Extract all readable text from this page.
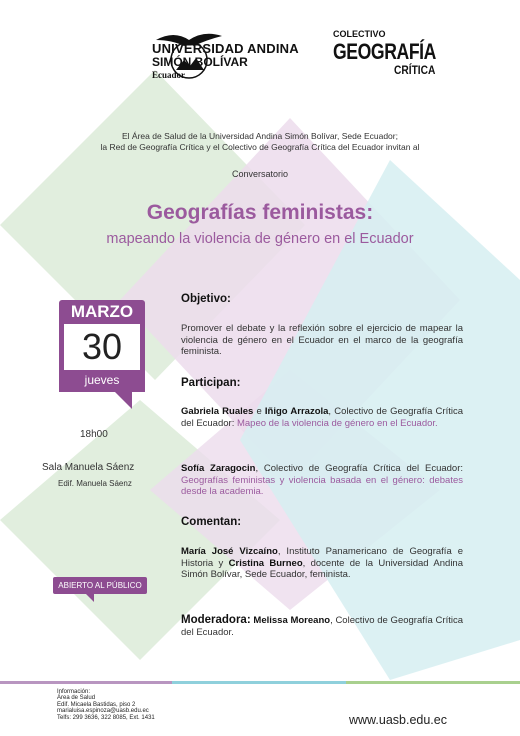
UNIVERSIDAD ANDINA
SIMÓN BOLÍVAR
Ecuador
COLECTIVO
GEOGRAFÍA
CRÍTICA
El Área de Salud de la Universidad Andina Simón Bolívar, Sede Ecuador;
la Red de Geografía Crítica y el Colectivo de Geografía Crítica del Ecuador invitan al
Conversatorio
Geografías feministas:
mapeando la violencia de género en el Ecuador
MARZO
30
jueves
18h00
Sala Manuela Sáenz
Edif. Manuela Sáenz
ABIERTO AL PÚBLICO
Objetivo:
Promover el debate y la reflexión sobre el ejercicio de mapear la violencia de género en el Ecuador en el marco de la geografía feminista.
Participan:
Gabriela Ruales e Iñigo Arrazola, Colectivo de Geografía Crítica del Ecuador: Mapeo de la violencia de género en el Ecuador.
Sofía Zaragocin, Colectivo de Geografía Crítica del Ecuador: Geografías feministas y violencia basada en el género: debates desde la academia.
Comentan:
María José Vizcaíno, Instituto Panamericano de Geografía e Historia y Cristina Burneo, docente de la Universidad Andina Simón Bolívar, Sede Ecuador, feminista.
Moderadora: Melissa Moreano, Colectivo de Geografía Crítica del Ecuador.
Información:
Área de Salud
Edif. Micaela Bastidas, piso 2
marialuisa.espinoza@uasb.edu.ec
Telfs: 299 3636, 322 8085, Ext. 1431	www.uasb.edu.ec
